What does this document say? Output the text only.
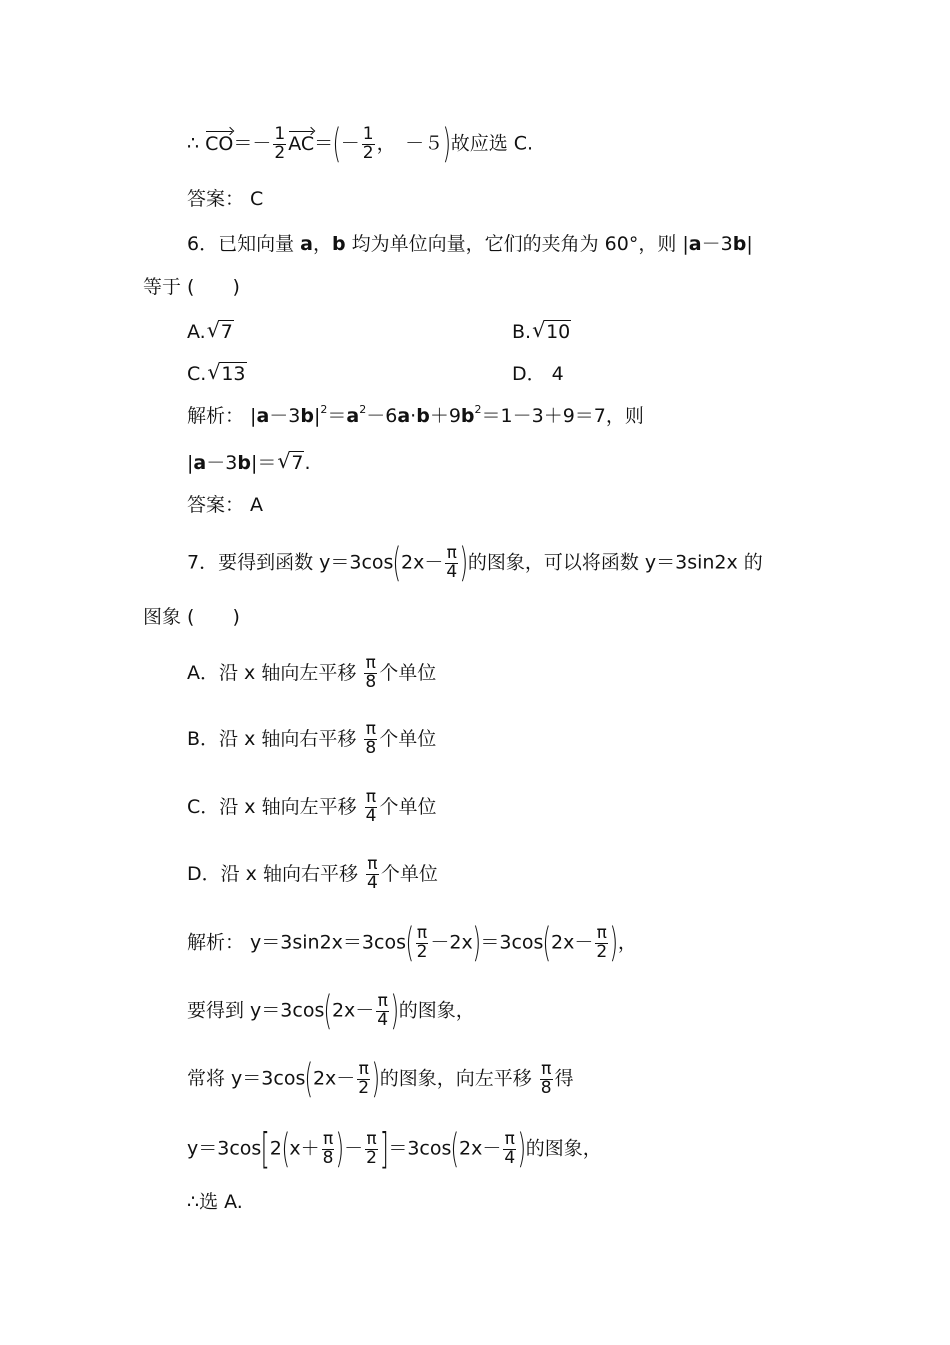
∴ $CO=- \frac{1}{2} AC=(- \frac{1}{2}$ ，　－５)故应选 C.
答案： C
6．已知向量 a，b 均为单位向量，它们的夹角为 60°，则 |a－3b|
等于 (　　)
A. √ 7	B. √ 10
C. √ 13	D． 4
解析： $|a-3b|^2=a^2-6a\cdot b+9b^2=1-3+9=7$，则
|a－3b|＝ √ 7.
答案： A
7．要得到函数 $y=3\cos(2x- \frac{\pi}{4}$ )的图象，可以将函数 y＝3sin2x 的
图象 (　　)
A．沿 x 轴向左平移 $\frac{\pi}{8}$ 个单位
B．沿 x 轴向右平移 $\frac{\pi}{8}$ 个单位
C．沿 x 轴向左平移 $\frac{\pi}{4}$ 个单位
D．沿 x 轴向右平移 $\frac{\pi}{4}$ 个单位
解析： $y=3\sin 2x=3\cos( \frac{\pi}{2} -2x)=3\cos(2x- \frac{\pi}{2}$ )，
要得到 $y=3\cos(2x- \frac{\pi}{4}$ )的图象，
常将 $y=3\cos(2x- \frac{\pi}{2}$ )的图象，向左平移 $\frac{\pi}{8}$ 得
$y=3\cos[2(x+ \frac{\pi}{8}$ )－ $\frac{\pi}{2} ]=3\cos(2x- \frac{\pi}{4}$ )的图象，
∴选 A.
